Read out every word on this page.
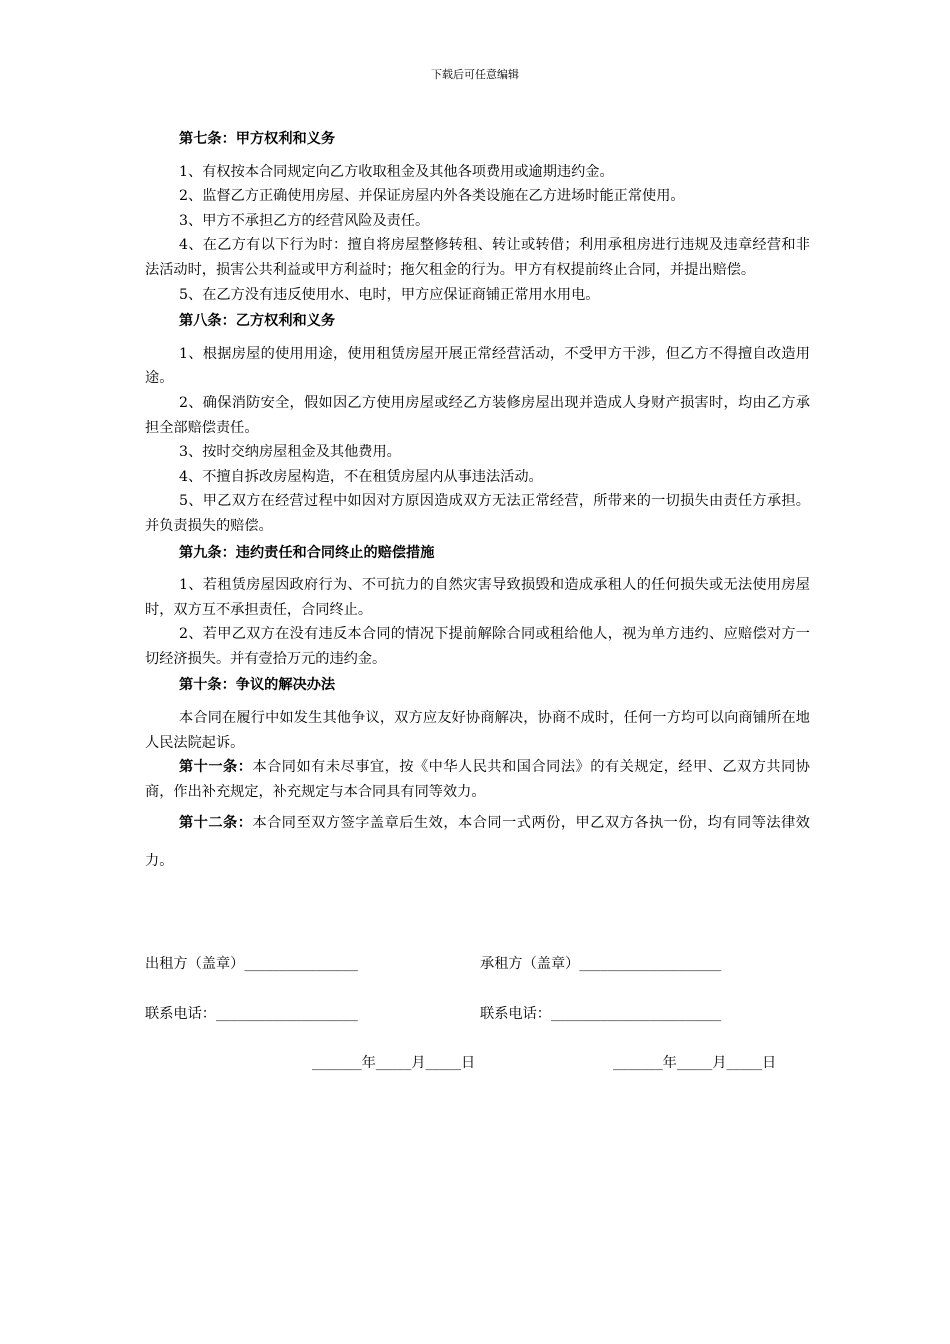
下载后可任意编辑
第七条：甲方权利和义务
1、有权按本合同规定向乙方收取租金及其他各项费用或逾期违约金。
2、监督乙方正确使用房屋、并保证房屋内外各类设施在乙方进场时能正常使用。
3、甲方不承担乙方的经营风险及责任。
4、在乙方有以下行为时：擅自将房屋整修转租、转让或转借；利用承租房进行违规及违章经营和非法活动时，损害公共利益或甲方利益时；拖欠租金的行为。甲方有权提前终止合同，并提出赔偿。
5、在乙方没有违反使用水、电时，甲方应保证商铺正常用水用电。
第八条：乙方权利和义务
1、根据房屋的使用用途，使用租赁房屋开展正常经营活动，不受甲方干涉，但乙方不得擅自改造用途。
2、确保消防安全，假如因乙方使用房屋或经乙方装修房屋出现并造成人身财产损害时，均由乙方承担全部赔偿责任。
3、按时交纳房屋租金及其他费用。
4、不擅自拆改房屋构造，不在租赁房屋内从事违法活动。
5、甲乙双方在经营过程中如因对方原因造成双方无法正常经营，所带来的一切损失由责任方承担。并负责损失的赔偿。
第九条：违约责任和合同终止的赔偿措施
1、若租赁房屋因政府行为、不可抗力的自然灾害导致损毁和造成承租人的任何损失或无法使用房屋时，双方互不承担责任，合同终止。
2、若甲乙双方在没有违反本合同的情况下提前解除合同或租给他人，视为单方违约、应赔偿对方一切经济损失。并有壹拾万元的违约金。
第十条：争议的解决办法
本合同在履行中如发生其他争议，双方应友好协商解决，协商不成时，任何一方均可以向商铺所在地人民法院起诉。
第十一条：本合同如有未尽事宜，按《中华人民共和国合同法》的有关规定，经甲、乙双方共同协商，作出补充规定，补充规定与本合同具有同等效力。
第十二条：本合同至双方签字盖章后生效，本合同一式两份，甲乙双方各执一份，均有同等法律效力。
出租方（盖章）________________	承租方（盖章）____________________
联系电话：____________________	联系电话：________________________
_______年_____月_____日	_______年_____月_____日
